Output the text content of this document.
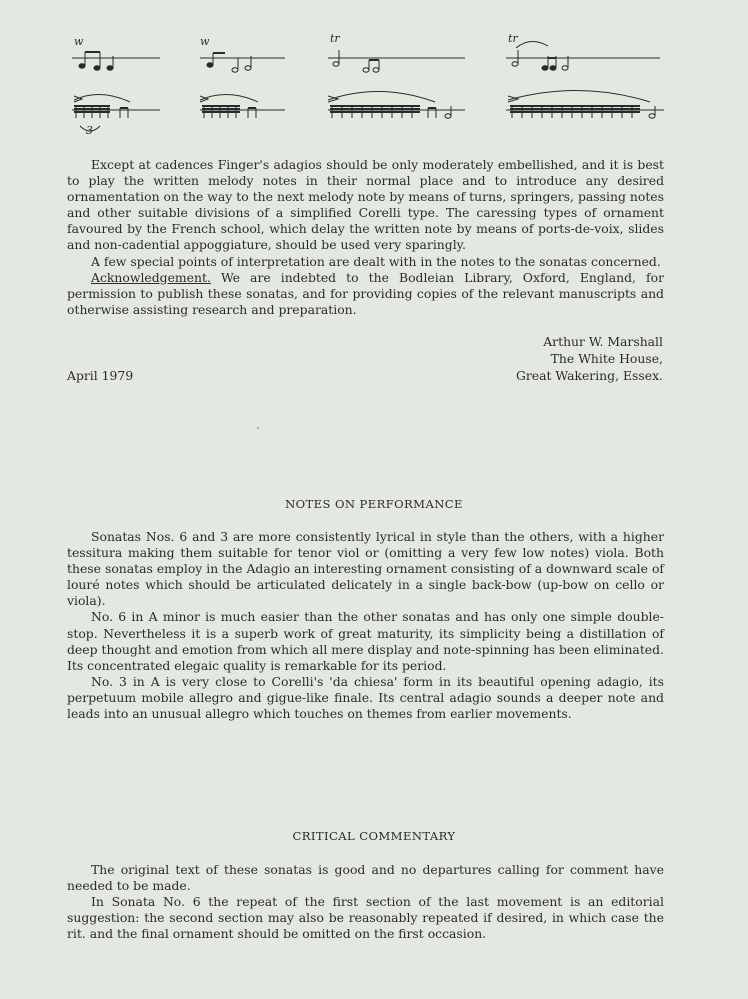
w	w	tr	tr
3

Except at cadences Finger's adagios should be only moderately embellished, and it is best to play the written melody notes in their normal place and to introduce any desired ornamentation on the way to the next melody note by means of turns, springers, passing notes and other suitable divisions of a simplified Corelli type. The caressing types of ornament favoured by the French school, which delay the written note by means of ports-de-voix, slides and non-cadential appoggiature, should be used very sparingly.

A few special points of interpretation are dealt with in the notes to the sonatas concerned.

Acknowledgement. We are indebted to the Bodleian Library, Oxford, England, for permission to publish these sonatas, and for providing copies of the relevant manuscripts and otherwise assisting research and preparation.

Arthur W. Marshall
The White House,
Great Wakering, Essex.
April 1979
NOTES ON PERFORMANCE

Sonatas Nos. 6 and 3 are more consistently lyrical in style than the others, with a higher tessitura making them suitable for tenor viol or (omitting a very few low notes) viola. Both these sonatas employ in the Adagio an interesting ornament consisting of a downward scale of louré notes which should be articulated delicately in a single back-bow (up-bow on cello or viola).

No. 6 in A minor is much easier than the other sonatas and has only one simple double-stop. Nevertheless it is a superb work of great maturity, its simplicity being a distillation of deep thought and emotion from which all mere display and note-spinning has been eliminated. Its concentrated elegaic quality is remarkable for its period.

No. 3 in A is very close to Corelli's 'da chiesa' form in its beautiful opening adagio, its perpetuum mobile allegro and gigue-like finale. Its central adagio sounds a deeper note and leads into an unusual allegro which touches on themes from earlier movements.

CRITICAL COMMENTARY

The original text of these sonatas is good and no departures calling for comment have needed to be made.

In Sonata No. 6 the repeat of the first section of the last movement is an editorial suggestion: the second section may also be reasonably repeated if desired, in which case the rit. and the final ornament should be omitted on the first occasion.
